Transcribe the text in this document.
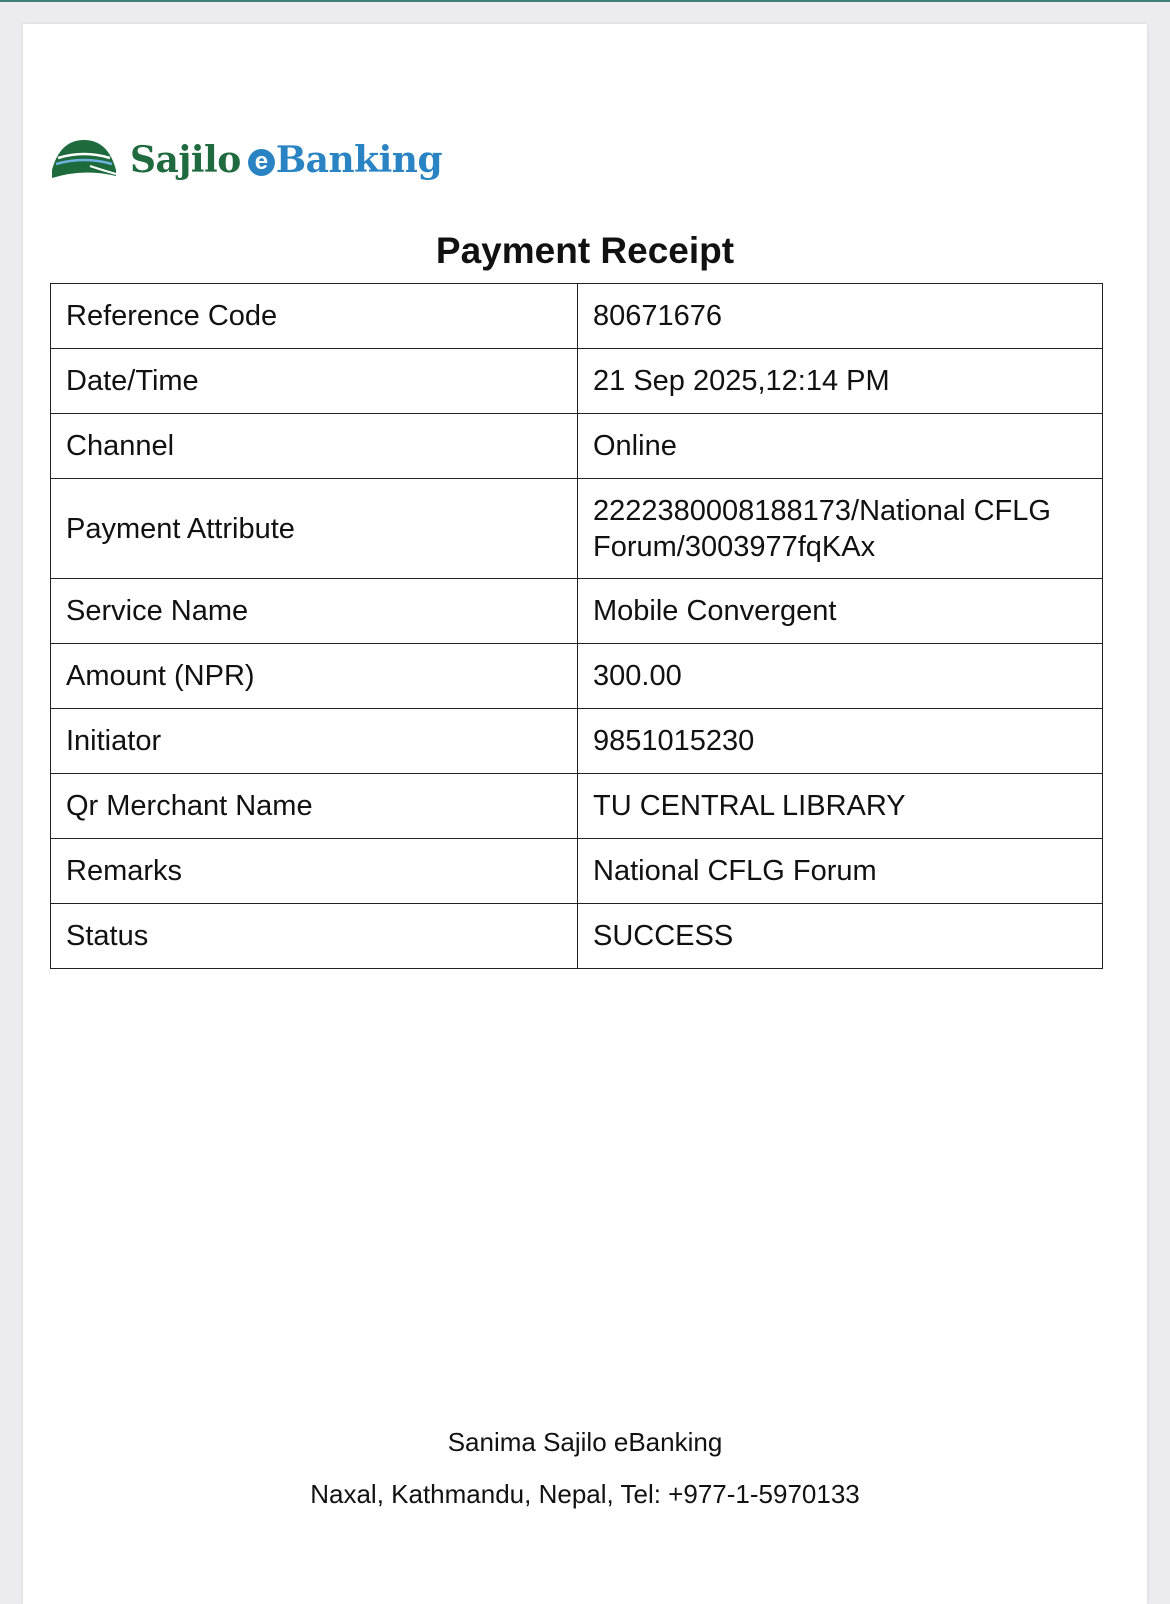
Sajilo e Banking
Payment Receipt
Reference Code	80671676
Date/Time	21 Sep 2025,12:14 PM
Channel	Online
Payment Attribute	2222380008188173/National CFLG Forum/3003977fqKAx
Service Name	Mobile Convergent
Amount (NPR)	300.00
Initiator	9851015230
Qr Merchant Name	TU CENTRAL LIBRARY
Remarks	National CFLG Forum
Status	SUCCESS
Sanima Sajilo eBanking
Naxal, Kathmandu, Nepal, Tel: +977-1-5970133
